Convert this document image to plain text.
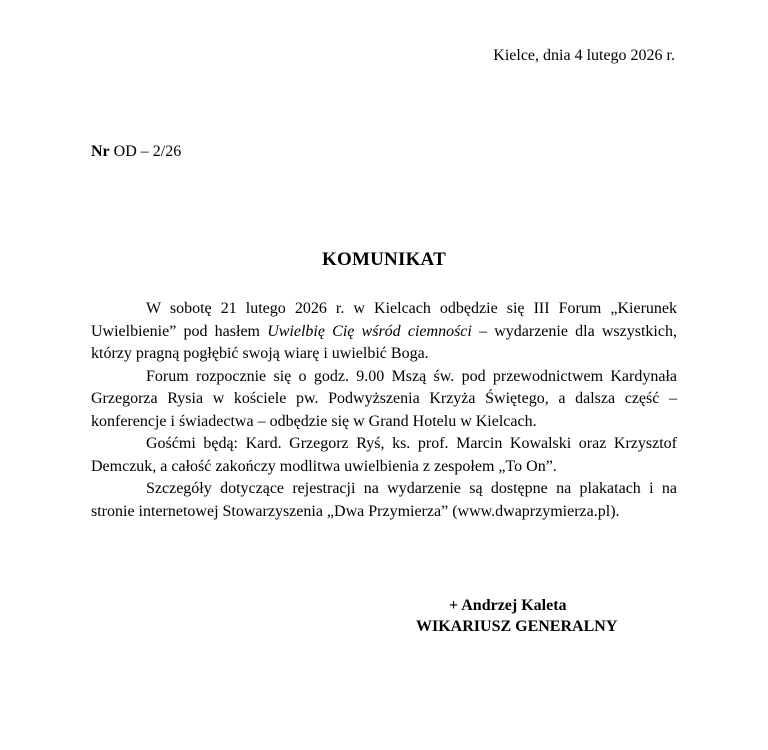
Kielce, dnia 4 lutego 2026 r.
Nr OD – 2/26
KOMUNIKAT

W sobotę 21 lutego 2026 r. w Kielcach odbędzie się III Forum „Kierunek Uwielbienie” pod hasłem Uwielbię Cię wśród ciemności – wydarzenie dla wszystkich, którzy pragną pogłębić swoją wiarę i uwielbić Boga.

Forum rozpocznie się o godz. 9.00 Mszą św. pod przewodnictwem Kardynała Grzegorza Rysia w kościele pw. Podwyższenia Krzyża Świętego, a dalsza część – konferencje i świadectwa – odbędzie się w Grand Hotelu w Kielcach.

Gośćmi będą: Kard. Grzegorz Ryś, ks. prof. Marcin Kowalski oraz Krzysztof Demczuk, a całość zakończy modlitwa uwielbienia z zespołem „To On”.

Szczegóły dotyczące rejestracji na wydarzenie są dostępne na plakatach i na stronie internetowej Stowarzyszenia „Dwa Przymierza” (www.dwaprzymierza.pl).

+ Andrzej Kaleta
WIKARIUSZ GENERALNY
